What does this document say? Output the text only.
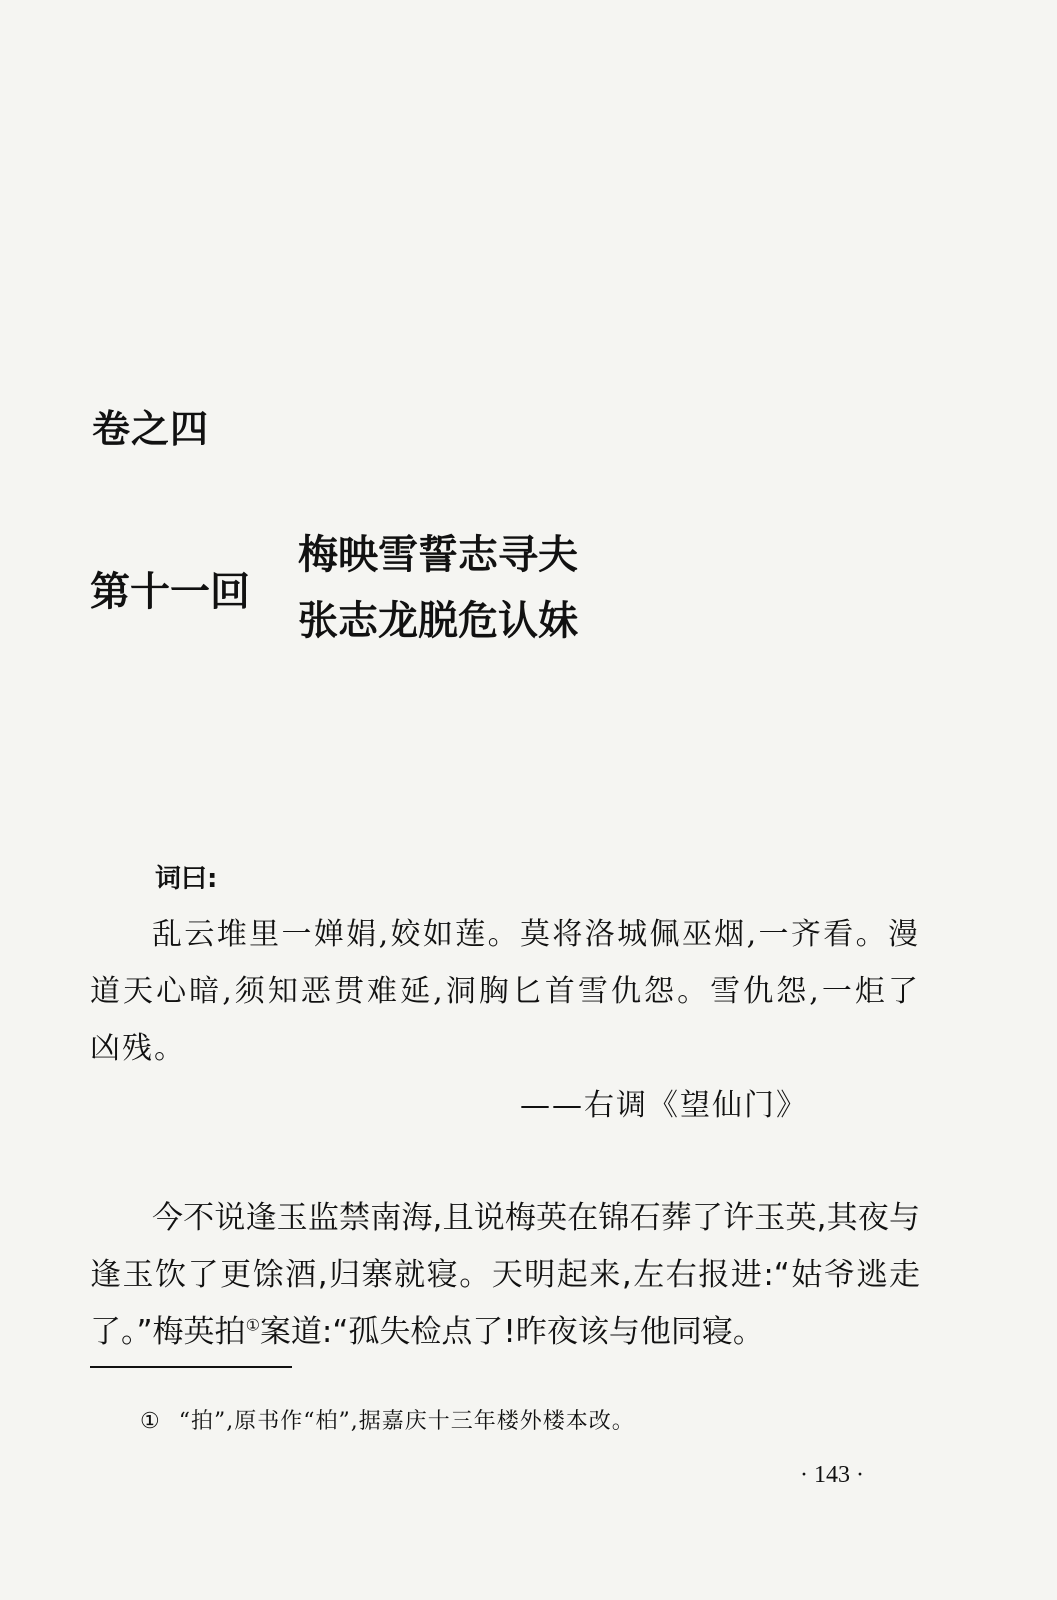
卷之四
第十一回
梅映雪誓志寻夫
张志龙脱危认妹
词曰:

乱云堆里一婵娟,姣如莲。莫将洛城佩巫烟,一齐看。漫道天心暗,须知恶贯难延,洞胸匕首雪仇怨。雪仇怨,一炬了凶残。

——右调《望仙门》

今不说逢玉监禁南海,且说梅英在锦石葬了许玉英,其夜与逢玉饮了更馀酒,归寨就寝。天明起来,左右报进:“姑爷逃走了。”梅英拍①案道:“孤失检点了!昨夜该与他同寝。

① “拍”,原书作“柏”,据嘉庆十三年楼外楼本改。
· 143 ·
